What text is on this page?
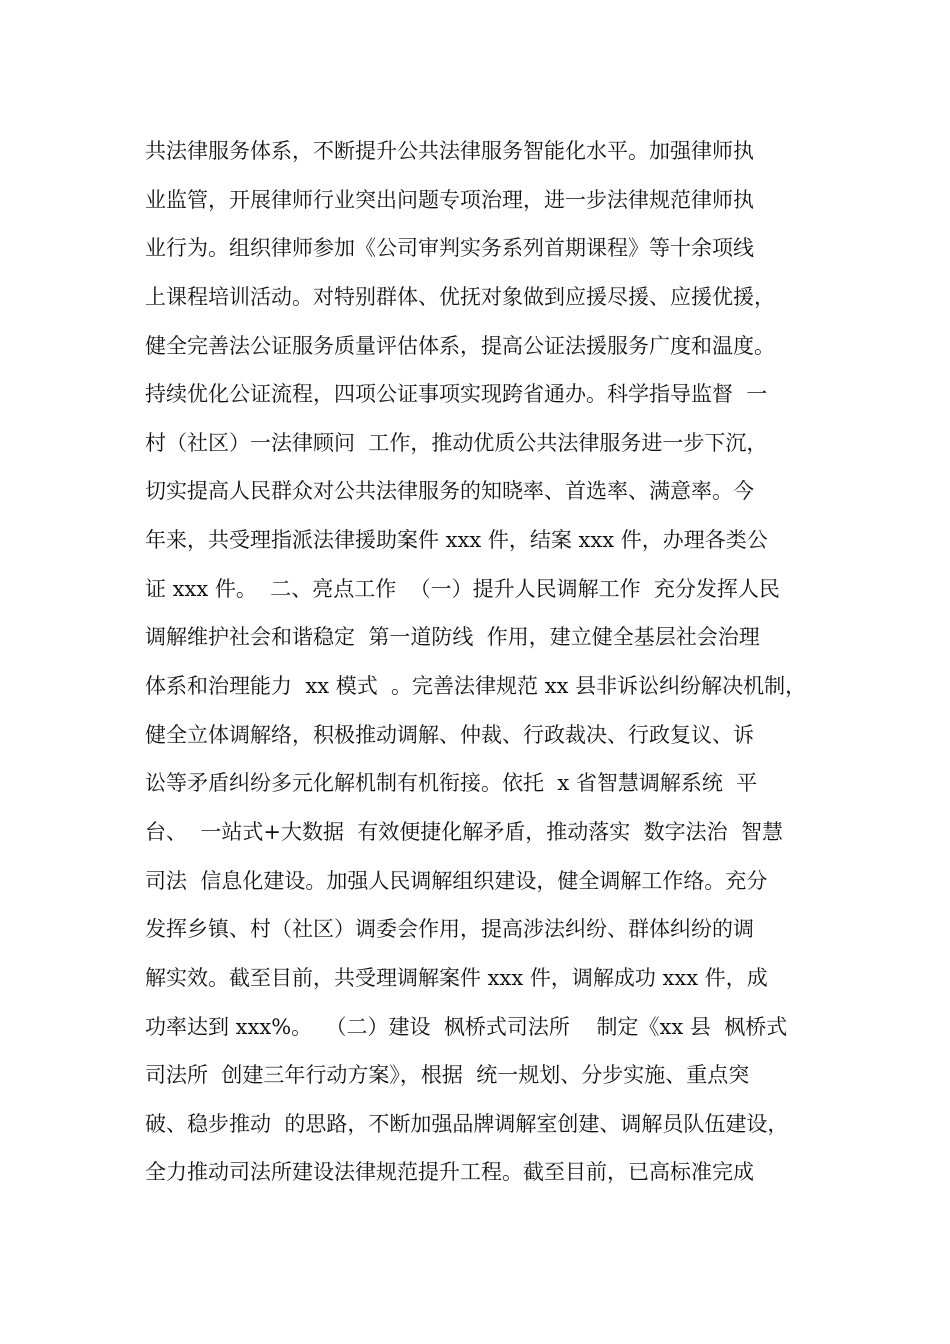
共法律服务体系，不断提升公共法律服务智能化水平。加强律师执
业监管，开展律师行业突出问题专项治理，进一步法律规范律师执
业行为。组织律师参加《公司审判实务系列首期课程》等十余项线
上课程培训活动。对特别群体、优抚对象做到应援尽援、应援优援，
健全完善法公证服务质量评估体系，提高公证法援服务广度和温度。
持续优化公证流程，四项公证事项实现跨省通办。科学指导监督  一
村（社区）一法律顾问  工作，推动优质公共法律服务进一步下沉，
切实提高人民群众对公共法律服务的知晓率、首选率、满意率。今
年来，共受理指派法律援助案件 xxx 件，结案 xxx 件，办理各类公
证 xxx 件。  二、亮点工作  （一）提升人民调解工作  充分发挥人民
调解维护社会和谐稳定  第一道防线  作用，建立健全基层社会治理
体系和治理能力  xx 模式  。完善法律规范 xx 县非诉讼纠纷解决机制，
健全立体调解络，积极推动调解、仲裁、行政裁决、行政复议、诉
讼等矛盾纠纷多元化解机制有机衔接。依托  x 省智慧调解系统  平
台、  一站式+大数据  有效便捷化解矛盾，推动落实  数字法治  智慧
司法  信息化建设。加强人民调解组织建设，健全调解工作络。充分
发挥乡镇、村（社区）调委会作用，提高涉法纠纷、群体纠纷的调
解实效。截至目前，共受理调解案件 xxx 件，调解成功 xxx 件，成
功率达到 xxx%。  （二）建设  枫桥式司法所    制定《xx 县  枫桥式
司法所  创建三年行动方案》，根据  统一规划、分步实施、重点突
破、稳步推动  的思路，不断加强品牌调解室创建、调解员队伍建设，
全力推动司法所建设法律规范提升工程。截至目前，已高标准完成
